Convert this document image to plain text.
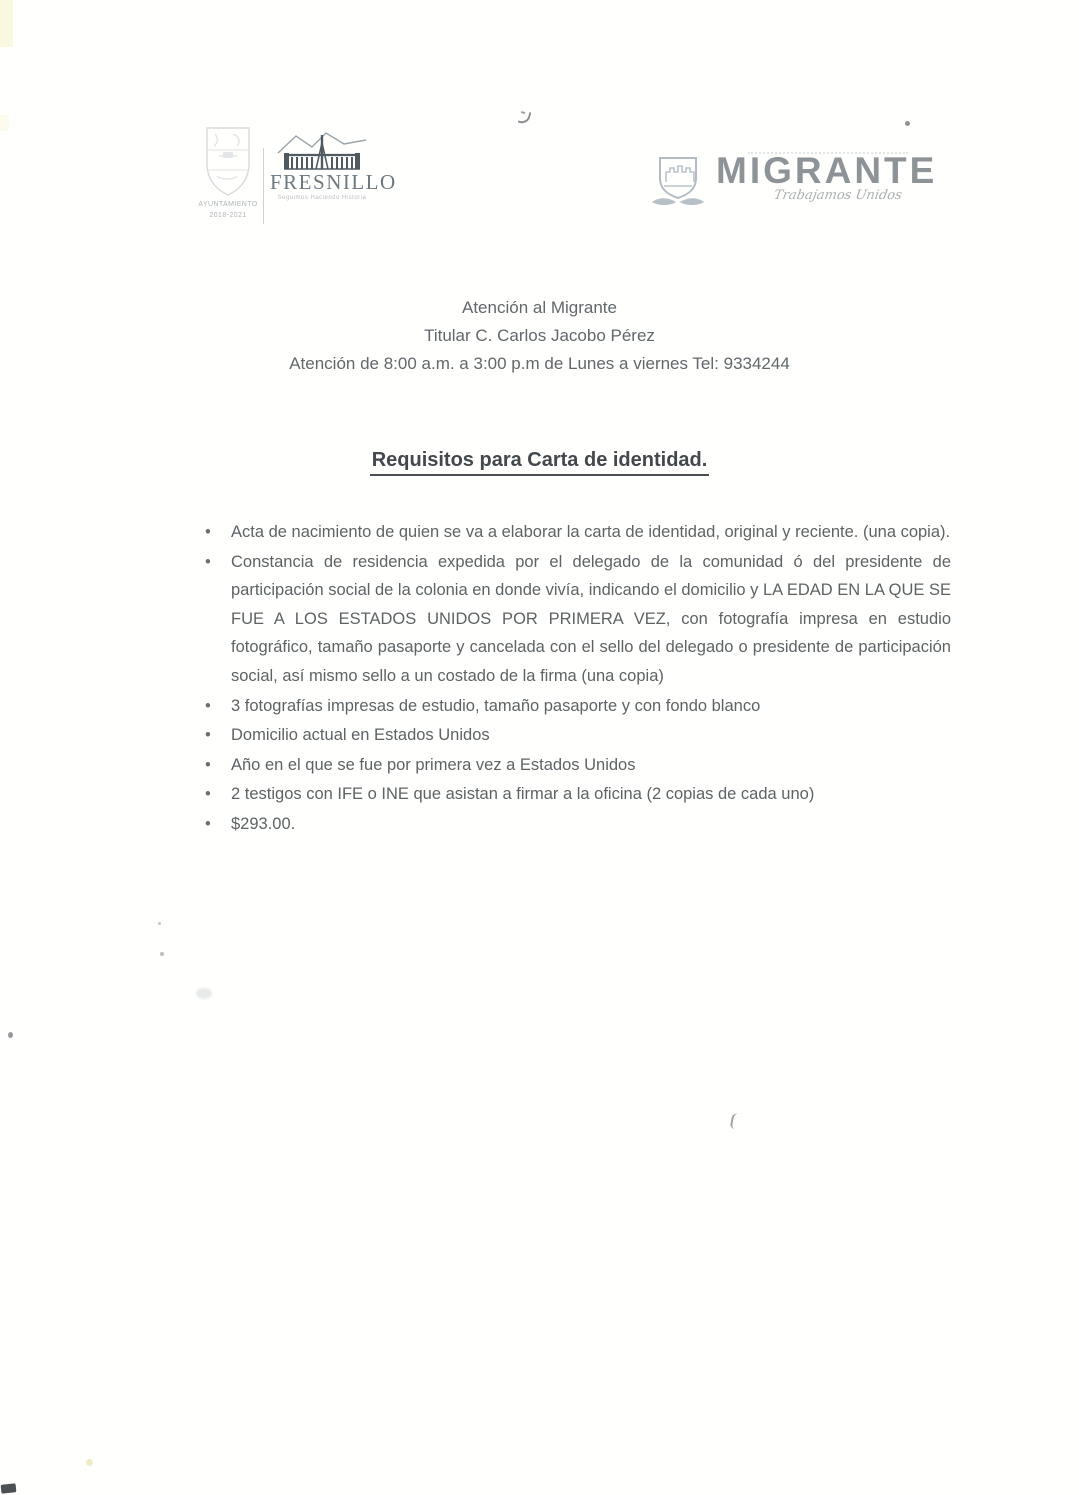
AYUNTAMIENTO
2018-2021
FRESNILLO
Seguimos Haciendo Historia
MIGRANTE
Trabajamos Unidos
Atención al Migrante
Titular C. Carlos Jacobo Pérez
Atención de 8:00 a.m. a 3:00 p.m de Lunes a viernes Tel: 9334244
Requisitos para Carta de identidad.
• Acta de nacimiento de quien se va a elaborar la carta de identidad, original y reciente. (una copia).
• Constancia de residencia expedida por el delegado de la comunidad ó del presidente de participación social de la colonia en donde vivía, indicando el domicilio y LA EDAD EN LA QUE SE FUE A LOS ESTADOS UNIDOS POR PRIMERA VEZ, con fotografía impresa en estudio fotográfico, tamaño pasaporte y cancelada con el sello del delegado o presidente de participación social, así mismo sello a un costado de la firma (una copia)
• 3 fotografías impresas de estudio, tamaño pasaporte y con fondo blanco
• Domicilio actual en Estados Unidos
• Año en el que se fue por primera vez a Estados Unidos
• 2 testigos con IFE o INE que asistan a firmar a la oficina (2 copias de cada uno)
• $293.00.
